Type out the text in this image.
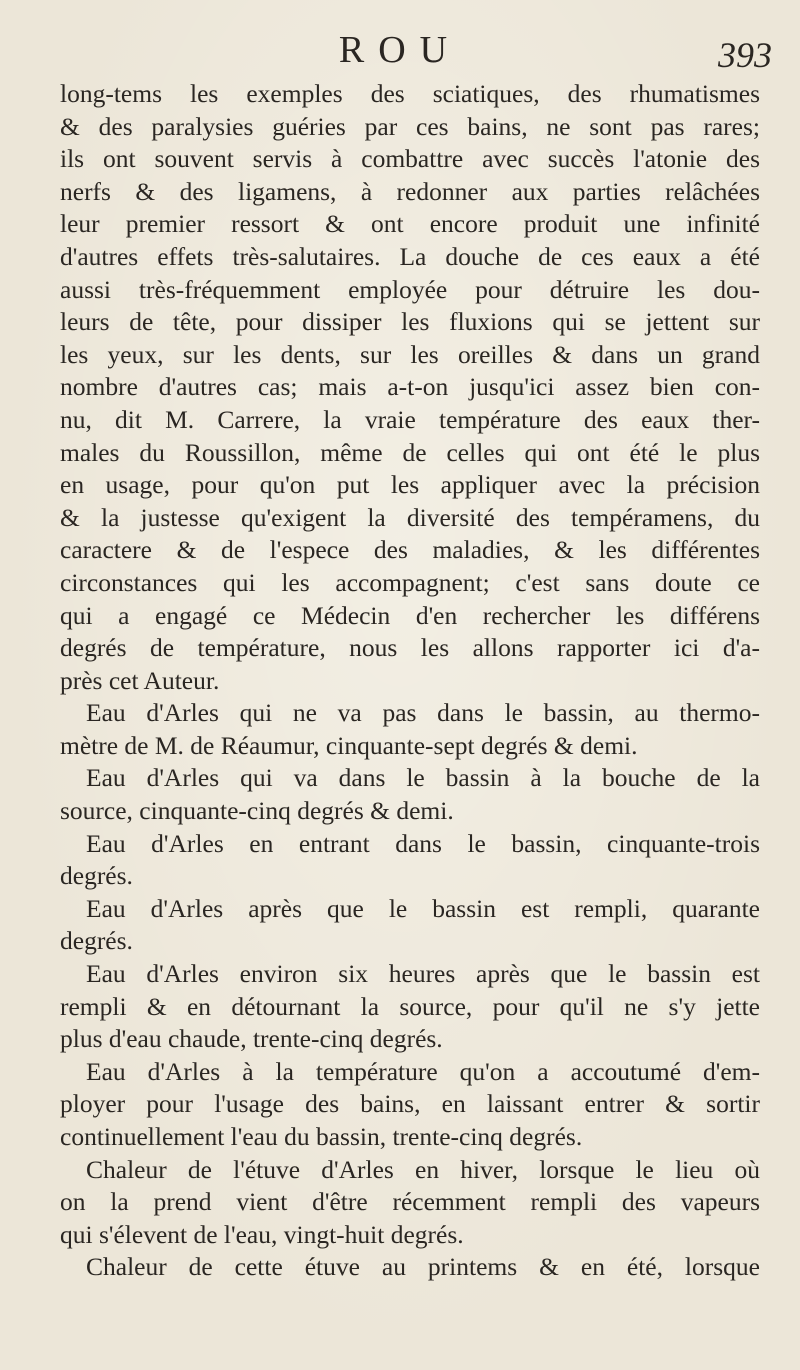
ROU	393
long-tems les exemples des sciatiques, des rhumatismes
& des paralysies guéries par ces bains, ne sont pas rares;
ils ont souvent servis à combattre avec succès l'atonie des
nerfs & des ligamens, à redonner aux parties relâchées
leur premier ressort & ont encore produit une infinité
d'autres effets très-salutaires. La douche de ces eaux a été
aussi très-fréquemment employée pour détruire les dou-
leurs de tête, pour dissiper les fluxions qui se jettent sur
les yeux, sur les dents, sur les oreilles & dans un grand
nombre d'autres cas; mais a-t-on jusqu'ici assez bien con-
nu, dit M. Carrere, la vraie température des eaux ther-
males du Roussillon, même de celles qui ont été le plus
en usage, pour qu'on put les appliquer avec la précision
& la justesse qu'exigent la diversité des tempéramens, du
caractere & de l'espece des maladies, & les différentes
circonstances qui les accompagnent; c'est sans doute ce
qui a engagé ce Médecin d'en rechercher les différens
degrés de température, nous les allons rapporter ici d'a-
près cet Auteur.
Eau d'Arles qui ne va pas dans le bassin, au thermo-
mètre de M. de Réaumur, cinquante-sept degrés & demi.
Eau d'Arles qui va dans le bassin à la bouche de la
source, cinquante-cinq degrés & demi.
Eau d'Arles en entrant dans le bassin, cinquante-trois
degrés.
Eau d'Arles après que le bassin est rempli, quarante
degrés.
Eau d'Arles environ six heures après que le bassin est
rempli & en détournant la source, pour qu'il ne s'y jette
plus d'eau chaude, trente-cinq degrés.
Eau d'Arles à la température qu'on a accoutumé d'em-
ployer pour l'usage des bains, en laissant entrer & sortir
continuellement l'eau du bassin, trente-cinq degrés.
Chaleur de l'étuve d'Arles en hiver, lorsque le lieu où
on la prend vient d'être récemment rempli des vapeurs
qui s'élevent de l'eau, vingt-huit degrés.
Chaleur de cette étuve au printems & en été, lorsque
